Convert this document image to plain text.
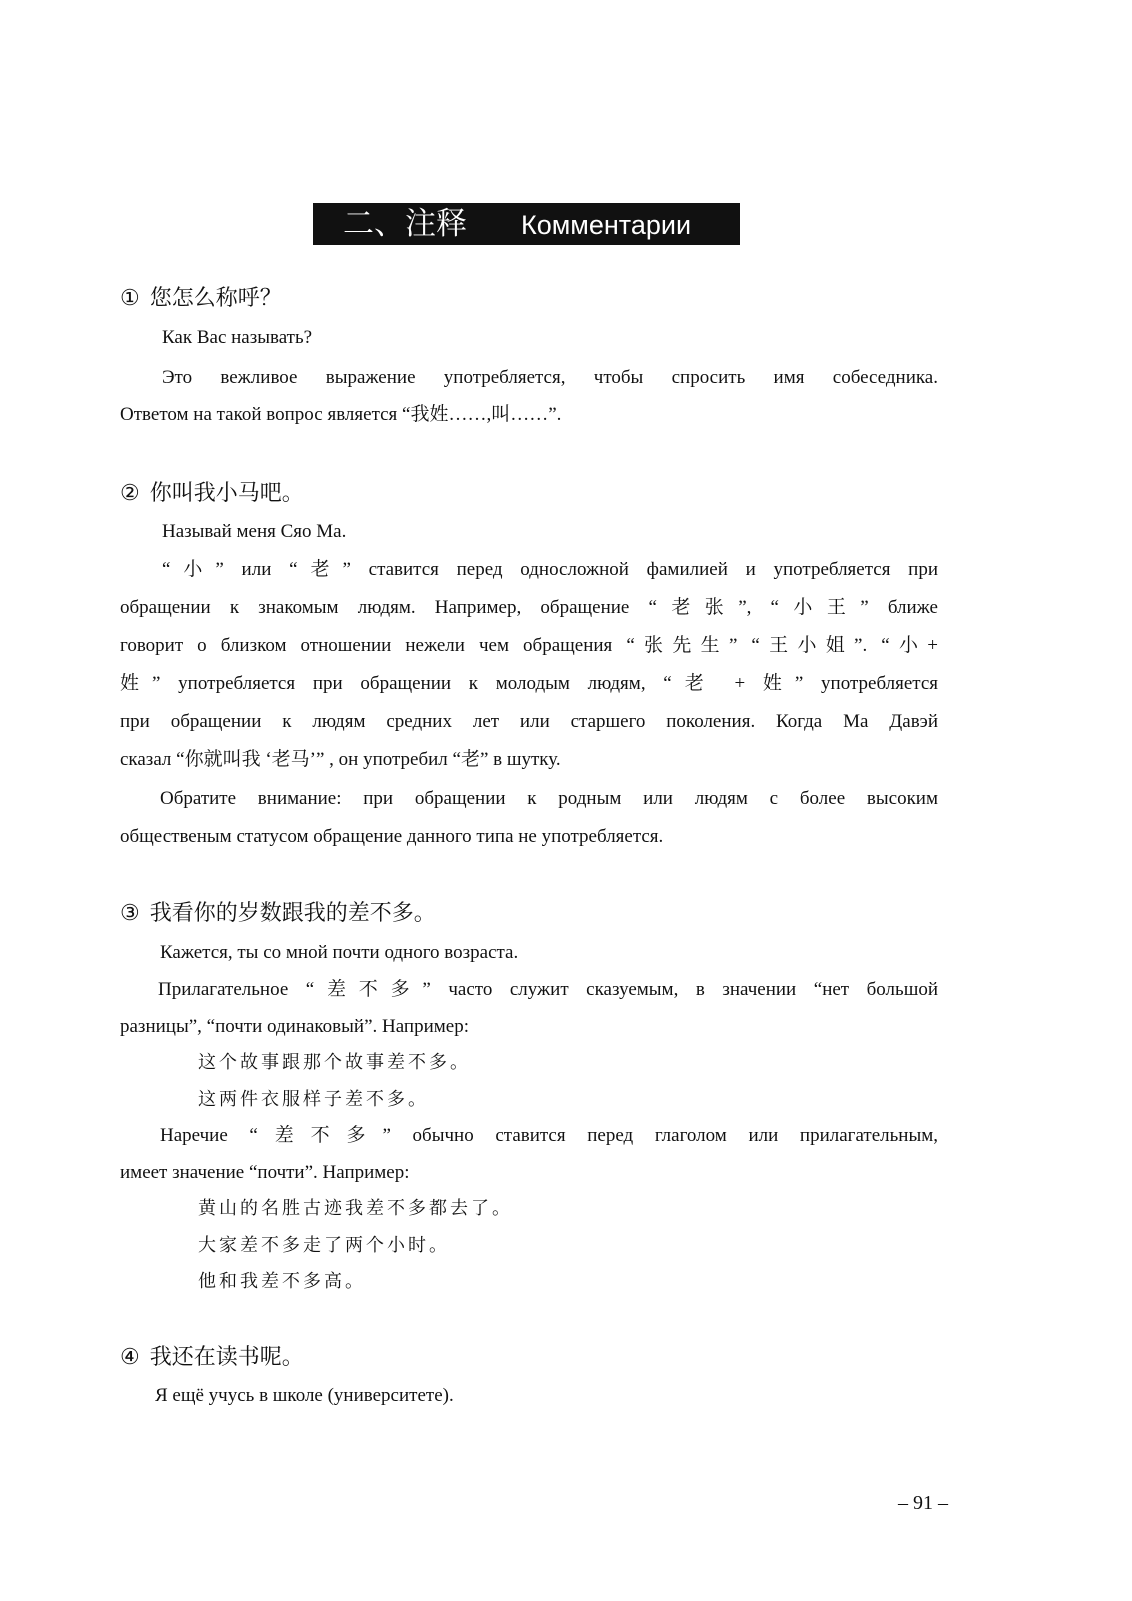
二、注释 Комментарии
① 您怎么称呼？
Как Вас называть?
Это вежливое выражение употребляется, чтобы спросить имя собеседника.
Ответом на такой вопрос является “我姓……,叫……”.
② 你叫我小马吧。
Называй меня Сяо Ма.
“小” или “老” ставится перед односложной фамилией и употребляется при
обращении к знакомым людям. Например, обращение “老张”, “小王” ближе
говорит о близком отношении нежели чем обращения “张先生” “王小姐”. “小+
姓” употребляется при обращении к молодым людям, “老 + 姓” употребляется
при обращении к людям средних лет или старшего поколения. Когда Ма Давэй
сказал “你就叫我 ‘老马’” , он употребил “老” в шутку.
Обратите внимание: при обращении к родным или людям с более высоким
общественым статусом обращение данного типа не употребляется.
③ 我看你的岁数跟我的差不多。
Кажется, ты со мной почти одного возраста.
Прилагательное “差不多” часто служит сказуемым, в значении “нет большой
разницы”, “почти одинаковый”. Например:
这个故事跟那个故事差不多。
这两件衣服样子差不多。
Наречие “差不多” обычно ставится перед глаголом или прилагательным,
имеет значение “почти”. Например:
黄山的名胜古迹我差不多都去了。
大家差不多走了两个小时。
他和我差不多高。
④ 我还在读书呢。
Я ещё учусь в школе (университете).
– 91 –
